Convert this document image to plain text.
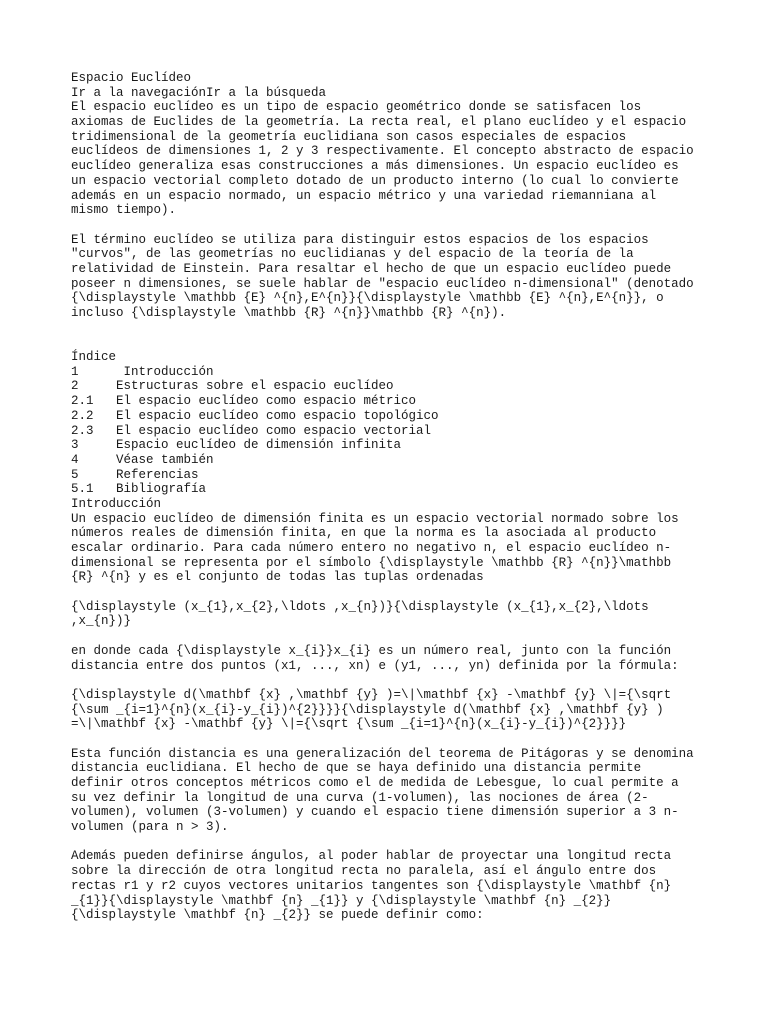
Espacio Euclídeo
Ir a la navegaciónIr a la búsqueda
El espacio euclídeo es un tipo de espacio geométrico donde se satisfacen los
axiomas de Euclides de la geometría. La recta real, el plano euclídeo y el espacio
tridimensional de la geometría euclidiana son casos especiales de espacios
euclídeos de dimensiones 1, 2 y 3 respectivamente. El concepto abstracto de espacio
euclídeo generaliza esas construcciones a más dimensiones. Un espacio euclídeo es
un espacio vectorial completo dotado de un producto interno (lo cual lo convierte
además en un espacio normado, un espacio métrico y una variedad riemanniana al
mismo tiempo).
El término euclídeo se utiliza para distinguir estos espacios de los espacios
"curvos", de las geometrías no euclidianas y del espacio de la teoría de la
relatividad de Einstein. Para resaltar el hecho de que un espacio euclídeo puede
poseer n dimensiones, se suele hablar de "espacio euclídeo n-dimensional" (denotado
{\displaystyle \mathbb {E} ^{n},E^{n}}{\displaystyle \mathbb {E} ^{n},E^{n}}, o
incluso {\displaystyle \mathbb {R} ^{n}}\mathbb {R} ^{n}).
Índice
1	Introducción
2	Estructuras sobre el espacio euclídeo
2.1	El espacio euclídeo como espacio métrico
2.2	El espacio euclídeo como espacio topológico
2.3	El espacio euclídeo como espacio vectorial
3	Espacio euclídeo de dimensión infinita
4	Véase también
5	Referencias
5.1	Bibliografía
Introducción
Un espacio euclídeo de dimensión finita es un espacio vectorial normado sobre los
números reales de dimensión finita, en que la norma es la asociada al producto
escalar ordinario. Para cada número entero no negativo n, el espacio euclídeo n-
dimensional se representa por el símbolo {\displaystyle \mathbb {R} ^{n}}\mathbb
{R} ^{n} y es el conjunto de todas las tuplas ordenadas
{\displaystyle (x_{1},x_{2},\ldots ,x_{n})}{\displaystyle (x_{1},x_{2},\ldots
,x_{n})}
en donde cada {\displaystyle x_{i}}x_{i} es un número real, junto con la función
distancia entre dos puntos (x1, ..., xn) e (y1, ..., yn) definida por la fórmula:
{\displaystyle d(\mathbf {x} ,\mathbf {y} )=\|\mathbf {x} -\mathbf {y} \|={\sqrt
{\sum _{i=1}^{n}(x_{i}-y_{i})^{2}}}}{\displaystyle d(\mathbf {x} ,\mathbf {y} )
=\|\mathbf {x} -\mathbf {y} \|={\sqrt {\sum _{i=1}^{n}(x_{i}-y_{i})^{2}}}}
Esta función distancia es una generalización del teorema de Pitágoras y se denomina
distancia euclidiana. El hecho de que se haya definido una distancia permite
definir otros conceptos métricos como el de medida de Lebesgue, lo cual permite a
su vez definir la longitud de una curva (1-volumen), las nociones de área (2-
volumen), volumen (3-volumen) y cuando el espacio tiene dimensión superior a 3 n-
volumen (para n > 3).
Además pueden definirse ángulos, al poder hablar de proyectar una longitud recta
sobre la dirección de otra longitud recta no paralela, así el ángulo entre dos
rectas r1 y r2 cuyos vectores unitarios tangentes son {\displaystyle \mathbf {n}
_{1}}{\displaystyle \mathbf {n} _{1}} y {\displaystyle \mathbf {n} _{2}}
{\displaystyle \mathbf {n} _{2}} se puede definir como:
